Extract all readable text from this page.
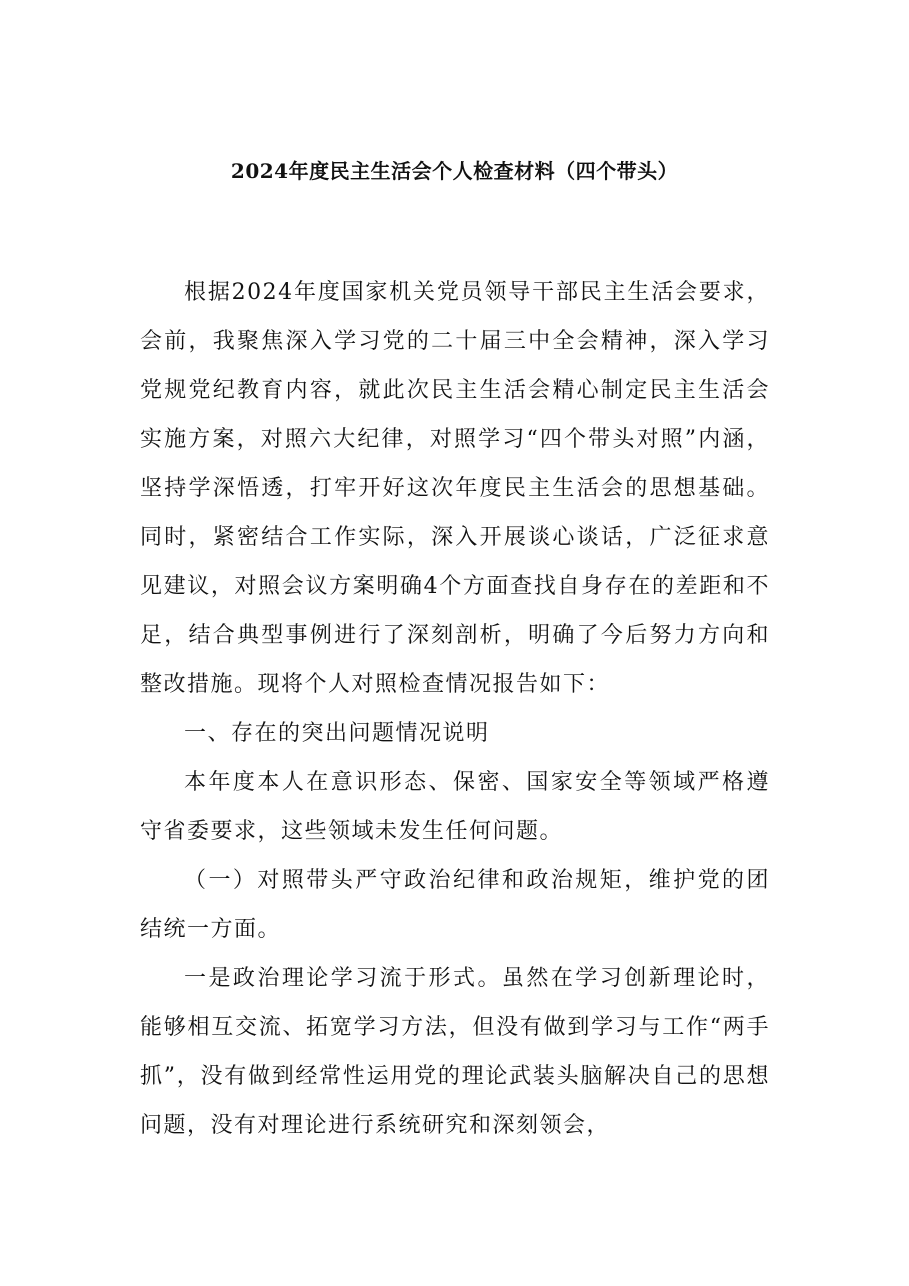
2024年度民主生活会个人检查材料（四个带头）

根据2024年度国家机关党员领导干部民主生活会要求，会前，我聚焦深入学习党的二十届三中全会精神，深入学习党规党纪教育内容，就此次民主生活会精心制定民主生活会实施方案，对照六大纪律，对照学习“四个带头对照”内涵，坚持学深悟透，打牢开好这次年度民主生活会的思想基础。同时，紧密结合工作实际，深入开展谈心谈话，广泛征求意见建议，对照会议方案明确4个方面查找自身存在的差距和不足，结合典型事例进行了深刻剖析，明确了今后努力方向和整改措施。现将个人对照检查情况报告如下：

一、存在的突出问题情况说明

本年度本人在意识形态、保密、国家安全等领域严格遵守省委要求，这些领域未发生任何问题。

（一）对照带头严守政治纪律和政治规矩，维护党的团结统一方面。

一是政治理论学习流于形式。虽然在学习创新理论时，能够相互交流、拓宽学习方法，但没有做到学习与工作“两手抓”，没有做到经常性运用党的理论武装头脑解决自己的思想问题，没有对理论进行系统研究和深刻领会，
